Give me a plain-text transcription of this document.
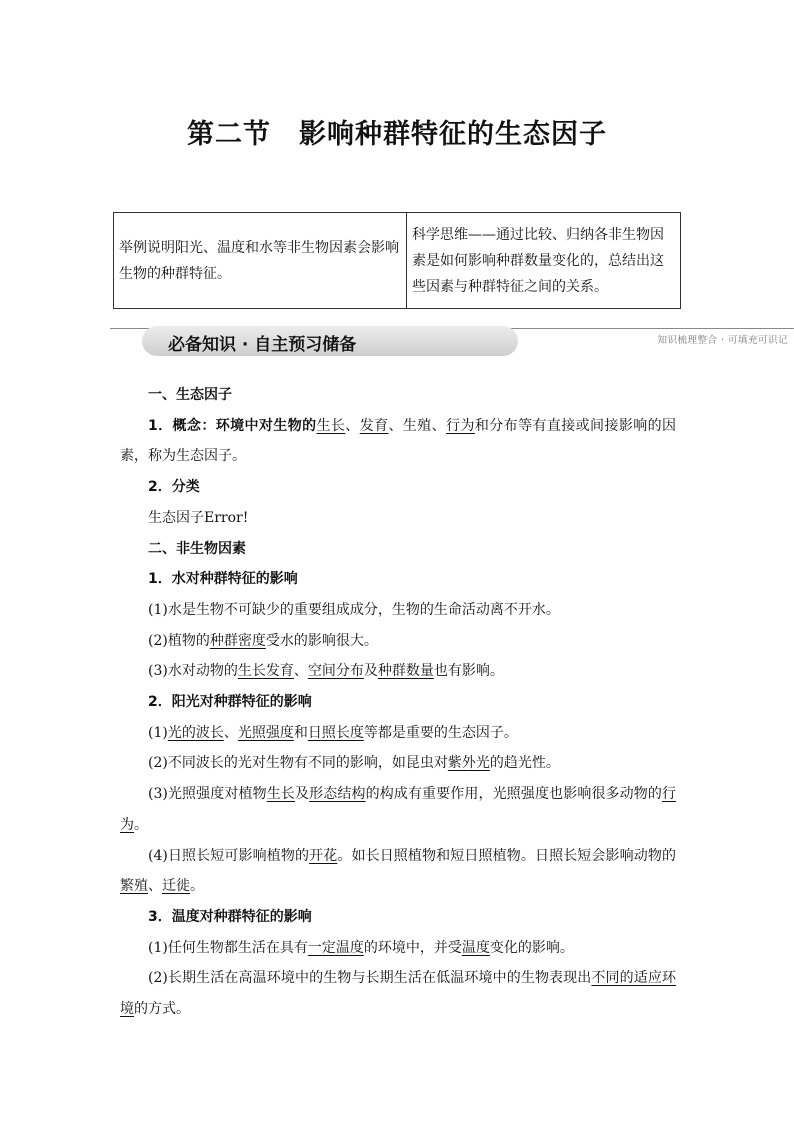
第二节 影响种群特征的生态因子
举例说明阳光、温度和水等非生物因素会影响生物的种群特征。	科学思维——通过比较、归纳各非生物因素是如何影响种群数量变化的，总结出这些因素与种群特征之间的关系。
必备知识 · 自主预习储备	知识梳理整合 · 可填充可识记

一、生态因子

1．概念：环境中对生物的生长、发育、生殖、行为和分布等有直接或间接影响的因素，称为生态因子。

2．分类

生态因子Error!

二、非生物因素

1．水对种群特征的影响

(1)水是生物不可缺少的重要组成成分，生物的生命活动离不开水。

(2)植物的种群密度受水的影响很大。

(3)水对动物的生长发育、空间分布及种群数量也有影响。

2．阳光对种群特征的影响

(1)光的波长、光照强度和日照长度等都是重要的生态因子。

(2)不同波长的光对生物有不同的影响，如昆虫对紫外光的趋光性。

(3)光照强度对植物生长及形态结构的构成有重要作用，光照强度也影响很多动物的行为。

(4)日照长短可影响植物的开花。如长日照植物和短日照植物。日照长短会影响动物的繁殖、迁徙。

3．温度对种群特征的影响

(1)任何生物都生活在具有一定温度的环境中，并受温度变化的影响。

(2)长期生活在高温环境中的生物与长期生活在低温环境中的生物表现出不同的适应环境的方式。
